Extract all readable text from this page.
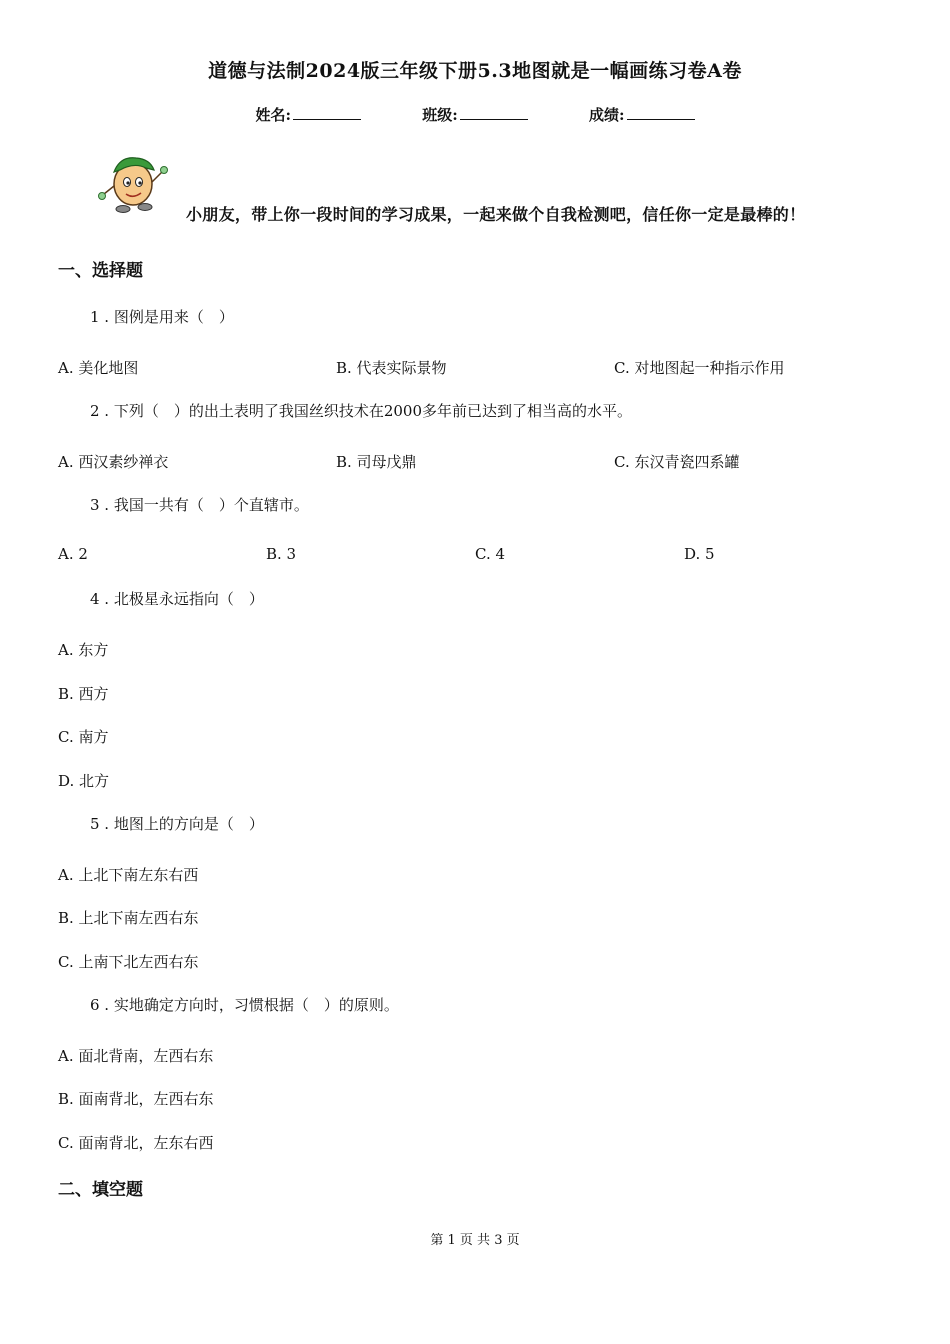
道德与法制2024版三年级下册5.3地图就是一幅画练习卷A卷
姓名:	班级:	成绩:
小朋友，带上你一段时间的学习成果，一起来做个自我检测吧，信任你一定是最棒的！
一、选择题
1 . 图例是用来（　）
A. 美化地图	B. 代表实际景物	C. 对地图起一种指示作用
2 . 下列（　）的出土表明了我国丝织技术在2000多年前已达到了相当高的水平。
A. 西汉素纱禅衣	B. 司母戊鼎	C. 东汉青瓷四系罐
3 . 我国一共有（　）个直辖市。
A. 2	B. 3	C. 4	D. 5
4 . 北极星永远指向（　）
A. 东方
B. 西方
C. 南方
D. 北方
5 . 地图上的方向是（　）
A. 上北下南左东右西
B. 上北下南左西右东
C. 上南下北左西右东
6 . 实地确定方向时，习惯根据（　）的原则。
A. 面北背南，左西右东
B. 面南背北，左西右东
C. 面南背北，左东右西
二、填空题
第 1 页 共 3 页
